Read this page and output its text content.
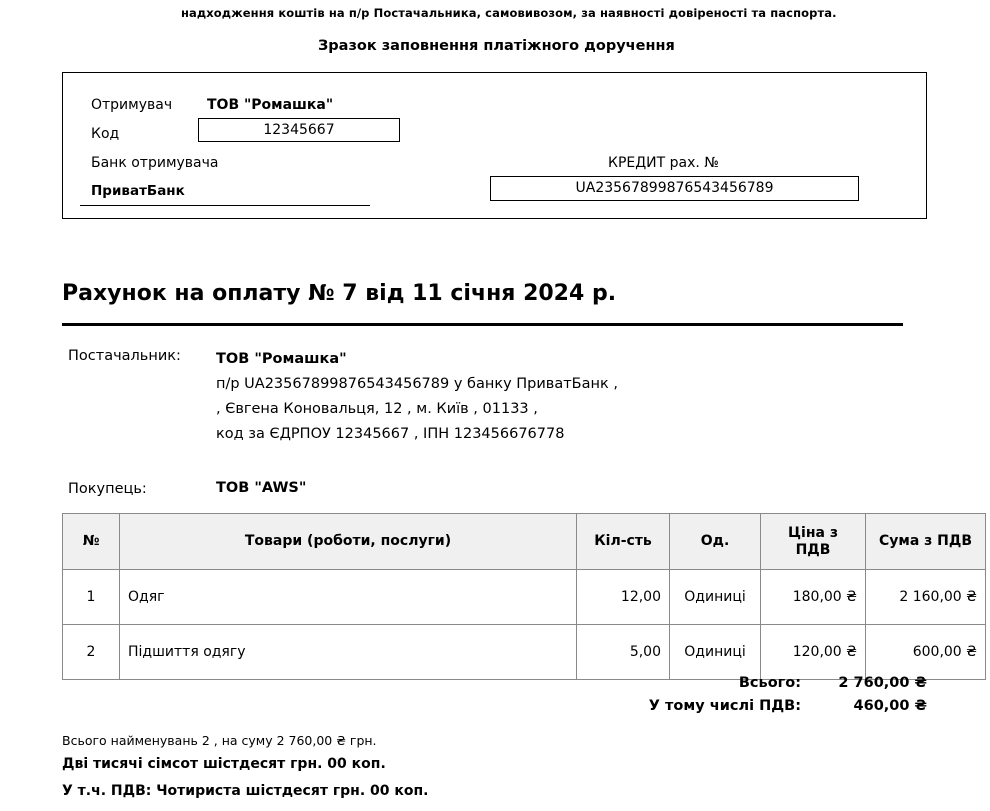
надходження коштів на п/р Постачальника, самовивозом, за наявності довіреності та паспорта.
Зразок заповнення платіжного доручення
Отримувач ТОВ "Ромашка"
Код	12345667
Банк отримувача
ПриватБанк
КРЕДИТ рах. №
UA23567899876543456789
Рахунок на оплату № 7 від 11 січня 2024 р.
Постачальник: ТОВ "Ромашка"
п/р UA23567899876543456789 у банку ПриватБанк ,
, Євгена Коновальця, 12 , м. Київ , 01133 ,
код за ЄДРПОУ 12345667 , ІПН 123456676778
Покупець:	ТОВ "AWS"
№	Товари (роботи, послуги)	Кіл-сть	Од.	Ціна з ПДВ	Сума з ПДВ
1	Одяг	12,00	Одиниці	180,00 ₴	2 160,00 ₴
2	Підшиття одягу	5,00	Одиниці	120,00 ₴	600,00 ₴
Всього:	2 760,00 ₴
У тому числі ПДВ:	460,00 ₴
Всього найменувань 2 , на суму 2 760,00 ₴ грн.
Дві тисячі сімсот шістдесят грн. 00 коп.
У т.ч. ПДВ: Чотириста шістдесят грн. 00 коп.
